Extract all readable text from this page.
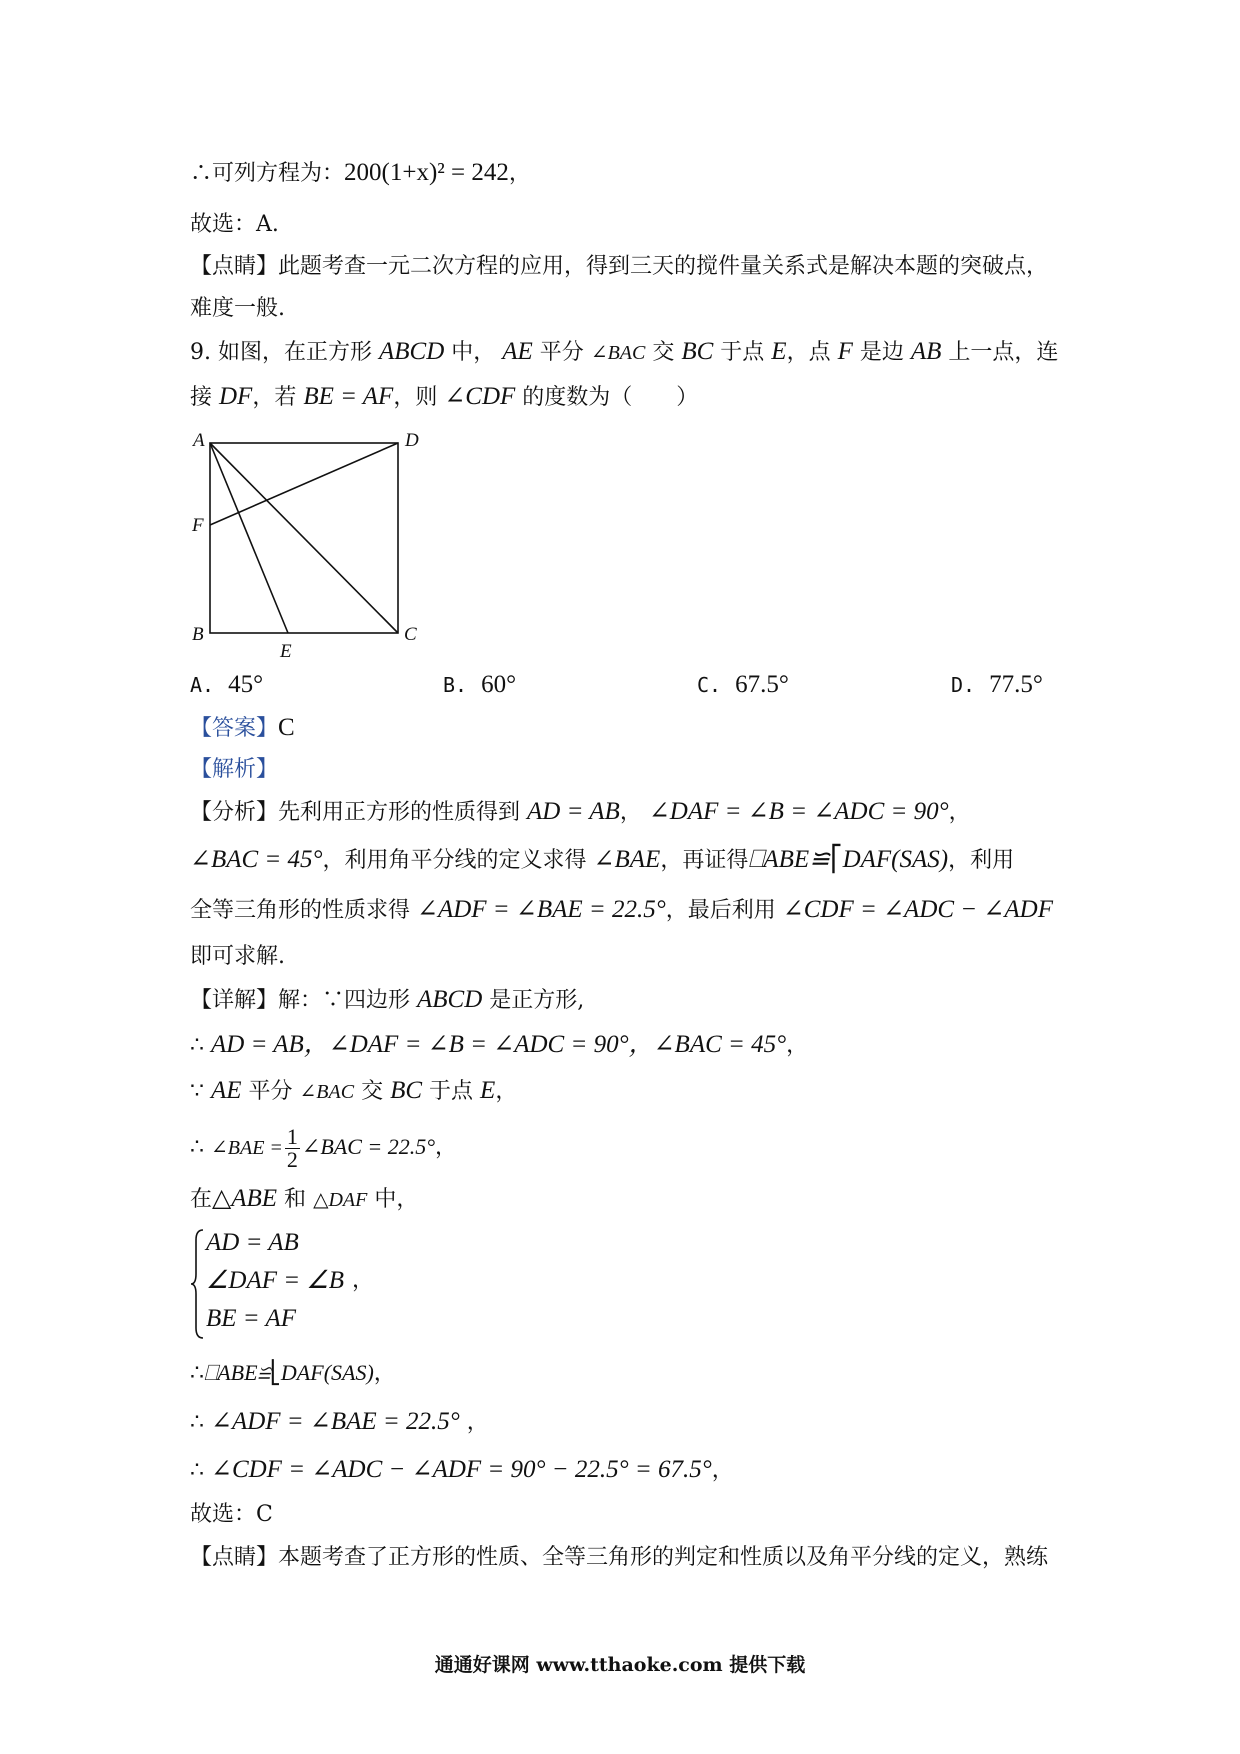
∴可列方程为：200(1+x)² = 242，
故选：A.
【点睛】此题考查一元二次方程的应用，得到三天的搅件量关系式是解决本题的突破点，
难度一般.
9. 如图，在正方形 ABCD 中， AE 平分 ∠BAC 交 BC 于点 E，点 F 是边 AB 上一点，连
接 DF，若 BE = AF，则 ∠CDF 的度数为（　　）
A	D
F
B
E
C
A. 45°	B. 60°	C. 67.5°	D. 77.5°
【答案】C
【解析】
【分析】先利用正方形的性质得到 AD = AB， ∠DAF = ∠B = ∠ADC = 90°，
∠BAC = 45°，利用角平分线的定义求得 ∠BAE，再证得⎕ABE≌⎡DAF(SAS)，利用
全等三角形的性质求得 ∠ADF = ∠BAE = 22.5°，最后利用 ∠CDF = ∠ADC − ∠ADF
即可求解.
【详解】解：∵四边形 ABCD 是正方形,
∴ AD = AB，∠DAF = ∠B = ∠ADC = 90°，∠BAC = 45°，
∵ AE 平分 ∠BAC 交 BC 于点 E，
∴ ∠BAE = $\frac{1}{2}$ ∠BAC = 22.5°，
在△ABE 和 △DAF 中，
AD = AB
∠DAF = ∠B
BE = AF
，
∴⎕ABE≌⎣DAF(SAS)，
∴ ∠ADF = ∠BAE = 22.5° ，
∴ ∠CDF = ∠ADC − ∠ADF = 90° − 22.5° = 67.5°，
故选：C
【点睛】本题考查了正方形的性质、全等三角形的判定和性质以及角平分线的定义，熟练
通通好课网 www.tthaoke.com 提供下载
